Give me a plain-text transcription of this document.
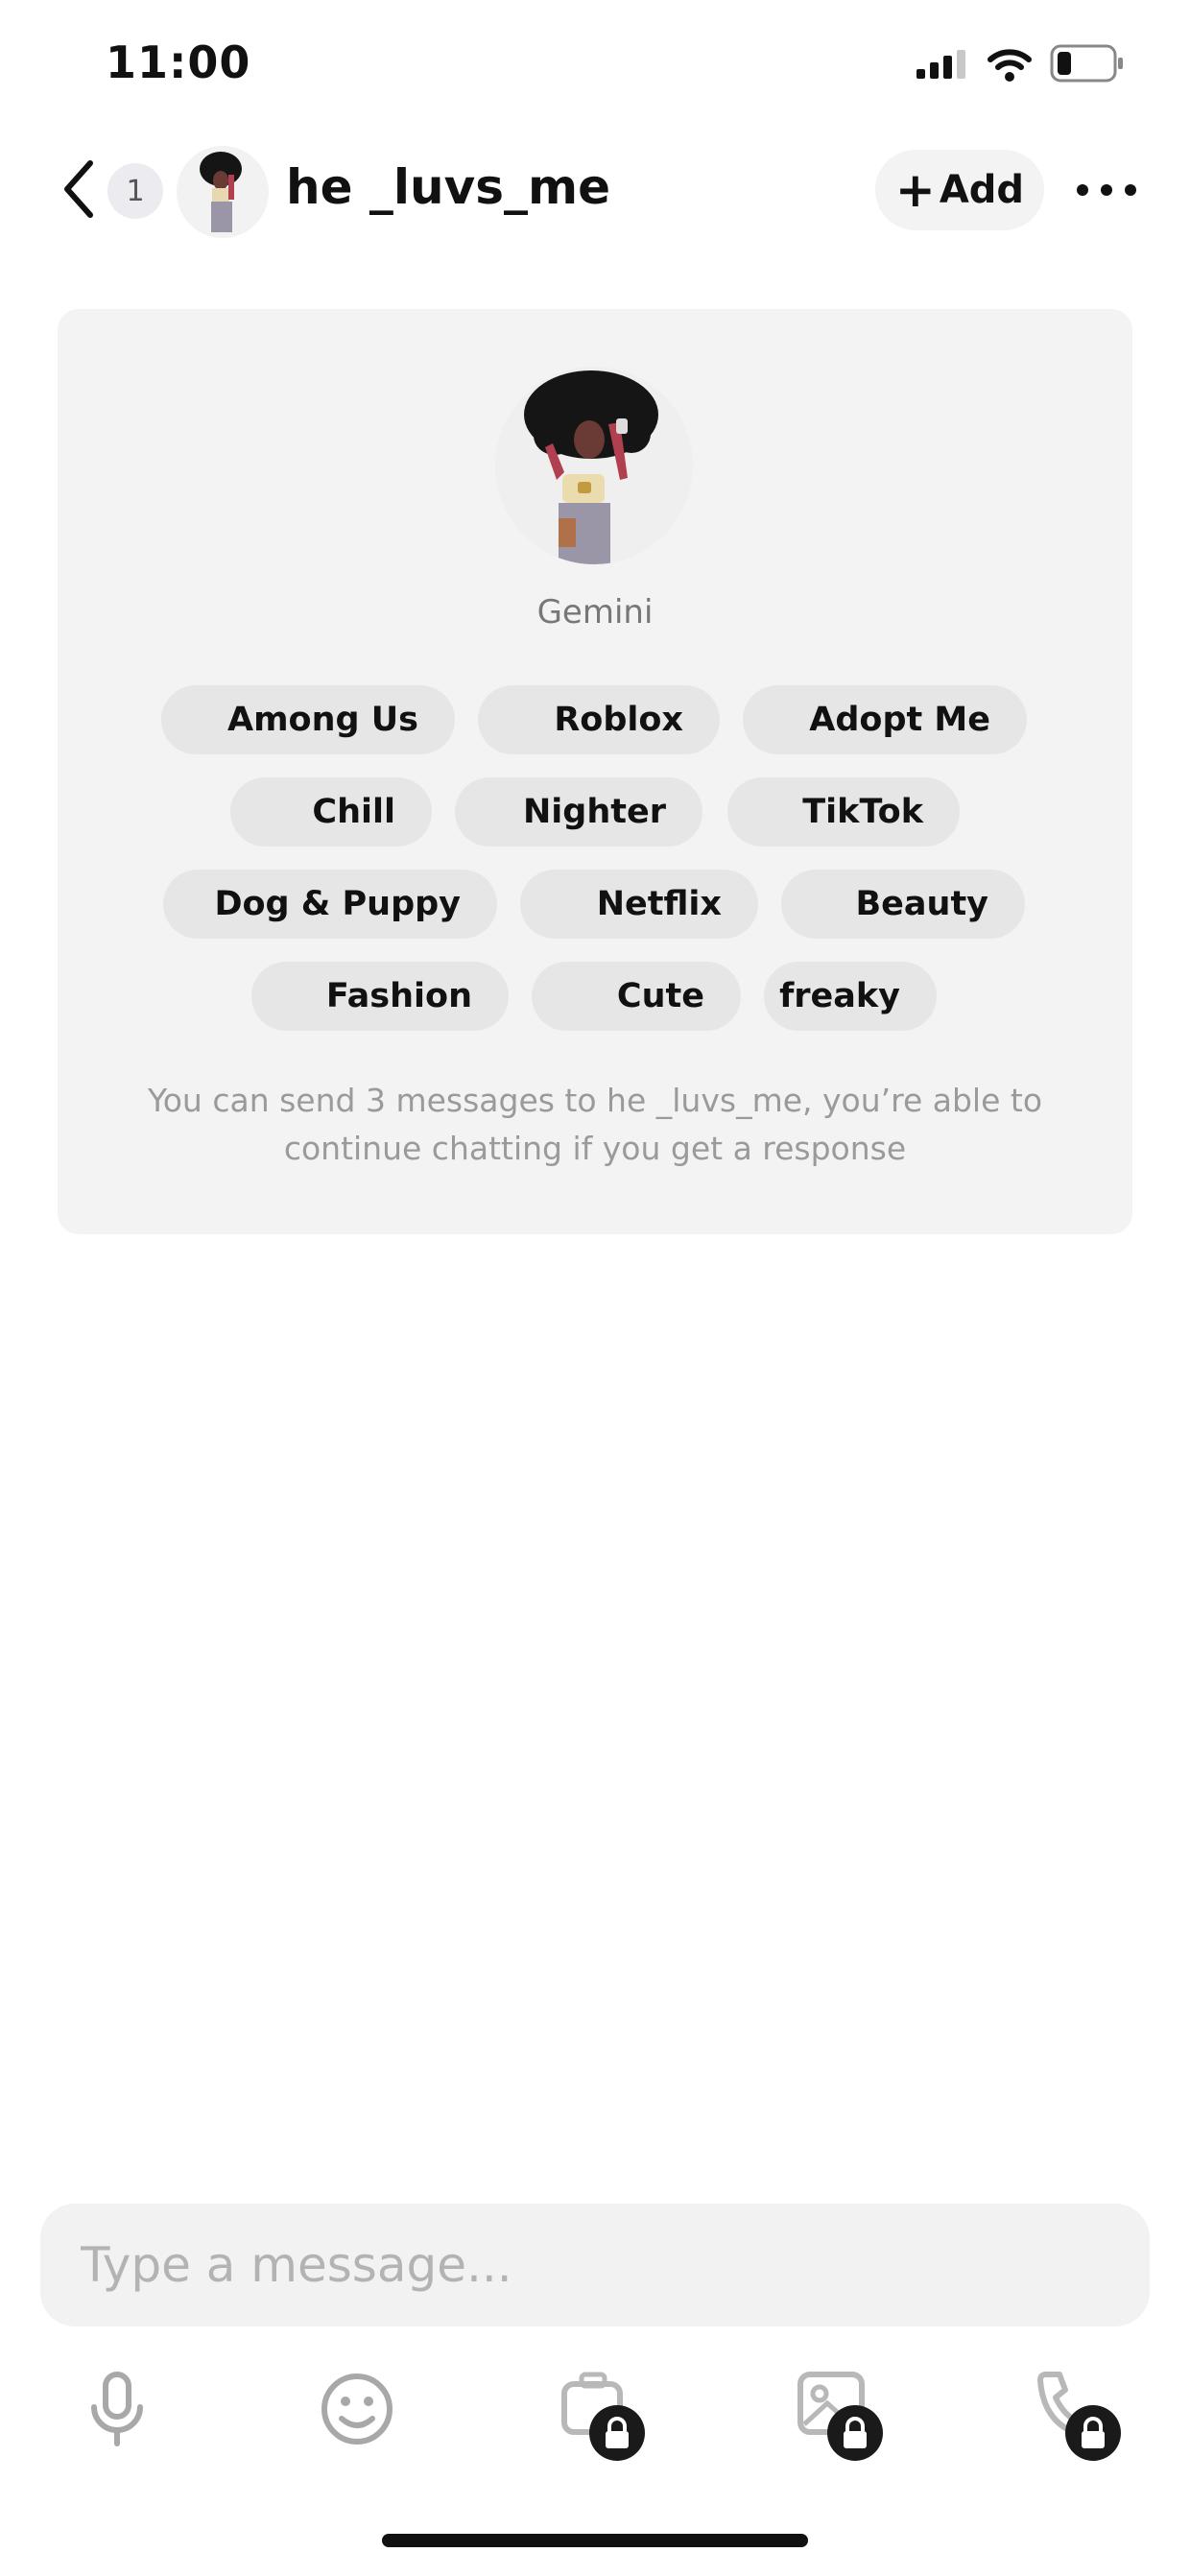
11:00
1	he _luvs_me	+ Add
Gemini
Among Us	Roblox	Adopt Me
Chill	Nighter	TikTok
Dog & Puppy	Netflix	Beauty
Fashion	Cute	freaky
You can send 3 messages to he _luvs_me, you’re able to
continue chatting if you get a response
Type a message...
